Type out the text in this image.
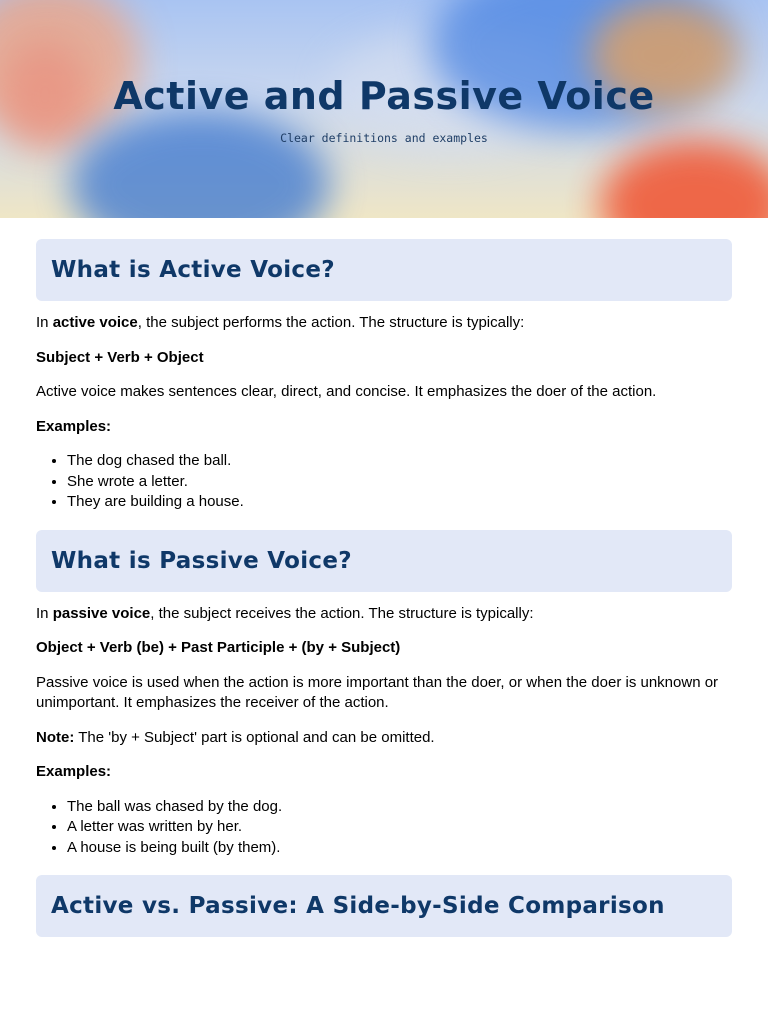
Active and Passive Voice
Clear definitions and examples
What is Active Voice?

In active voice, the subject performs the action. The structure is typically:

Subject + Verb + Object

Active voice makes sentences clear, direct, and concise. It emphasizes the doer of the action.

Examples:

• The dog chased the ball.
• She wrote a letter.
• They are building a house.
What is Passive Voice?

In passive voice, the subject receives the action. The structure is typically:

Object + Verb (be) + Past Participle + (by + Subject)

Passive voice is used when the action is more important than the doer, or when the doer is unknown or unimportant. It emphasizes the receiver of the action.

Note: The 'by + Subject' part is optional and can be omitted.

Examples:

• The ball was chased by the dog.
• A letter was written by her.
• A house is being built (by them).
Active vs. Passive: A Side-by-Side Comparison
